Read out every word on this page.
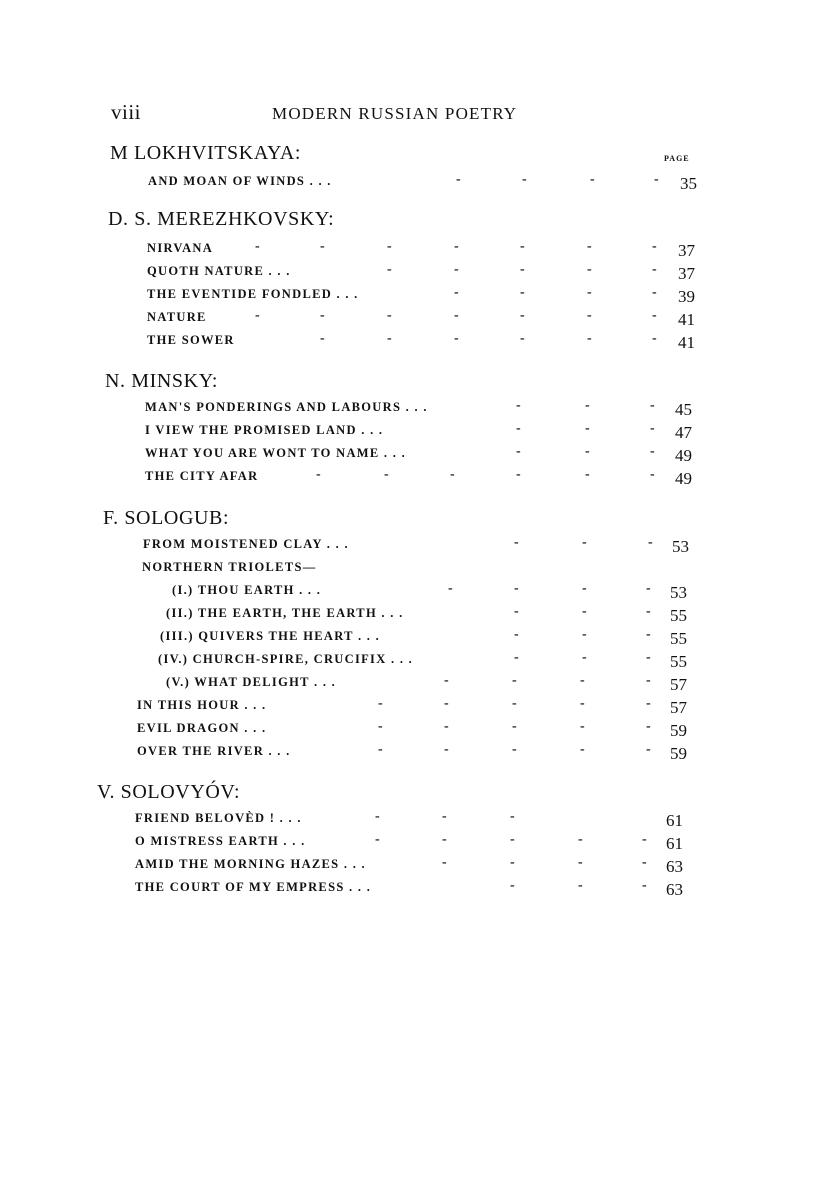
viii	MODERN RUSSIAN POETRY
PAGE
M LOKHVITSKAYA:
AND MOAN OF WINDS . . .	-	-	-	- 35
D. S. MEREZHKOVSKY:
NIRVANA	-	-	-	-	-	-	- 37
QUOTH NATURE . . .	-	-	-	-	- 37
THE EVENTIDE FONDLED . . .	-	-	-	- 39
NATURE	-	-	-	-	-	-	- 41
THE SOWER	-	-	-	-	-	- 41
N. MINSKY:
MAN'S PONDERINGS AND LABOURS . . .	-	-	- 45
I VIEW THE PROMISED LAND . . .	-	-	- 47
WHAT YOU ARE WONT TO NAME . . .	-	-	- 49
THE CITY AFAR	-	-	-	-	-	- 49
F. SOLOGUB:
FROM MOISTENED CLAY . . .	-	-	- 53
NORTHERN TRIOLETS—
(I.) THOU EARTH . . .	-	-	-	- 53
(II.) THE EARTH, THE EARTH . . .	-	-	- 55
(III.) QUIVERS THE HEART . . .	-	-	- 55
(IV.) CHURCH-SPIRE, CRUCIFIX . . .	-	-	- 55
(V.) WHAT DELIGHT . . .	-	-	-	- 57
IN THIS HOUR . . .	-	-	-	-	- 57
EVIL DRAGON . . .	-	-	-	-	- 59
OVER THE RIVER . . .	-	-	-	-	- 59
V. SOLOVYÓV:
FRIEND BELOVÈD ! . . .	-	-	-	61
O MISTRESS EARTH . . .	-	-	-	-	- 61
AMID THE MORNING HAZES . . .	-	-	-	- 63
THE COURT OF MY EMPRESS . . .	-	-	- 63
